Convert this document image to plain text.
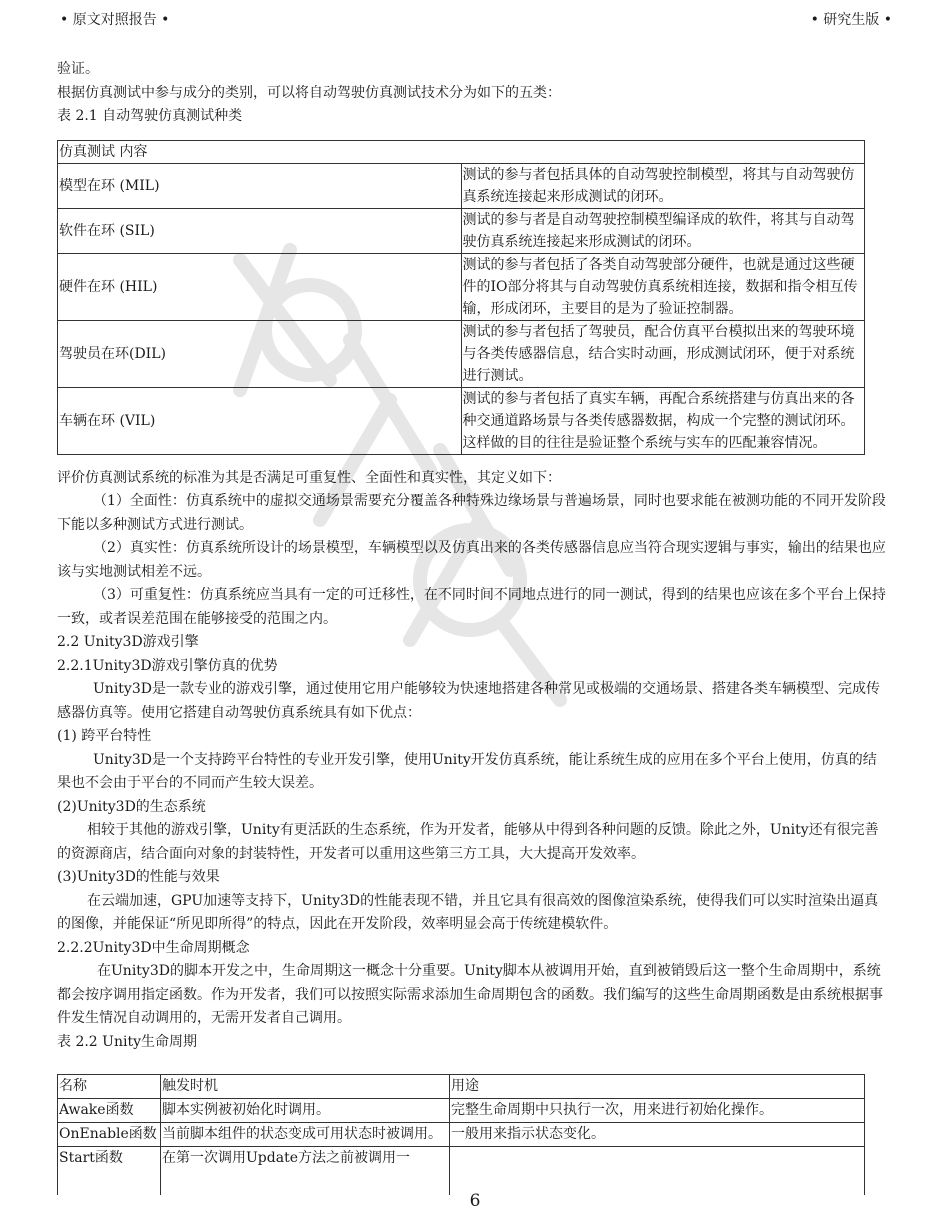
• 原文对照报告 •	• 研究生版 •

验证。

根据仿真测试中参与成分的类别，可以将自动驾驶仿真测试技术分为如下的五类：

表 2.1 自动驾驶仿真测试种类

仿真测试 内容	
模型在环 (MIL)	测试的参与者包括具体的自动驾驶控制模型，将其与自动驾驶仿真系统连接起来形成测试的闭环。
软件在环 (SIL)	测试的参与者是自动驾驶控制模型编译成的软件，将其与自动驾驶仿真系统连接起来形成测试的闭环。
硬件在环 (HIL)	测试的参与者包括了各类自动驾驶部分硬件，也就是通过这些硬件的IO部分将其与自动驾驶仿真系统相连接，数据和指令相互传输，形成闭环，主要目的是为了验证控制器。
驾驶员在环(DIL)	测试的参与者包括了驾驶员，配合仿真平台模拟出来的驾驶环境与各类传感器信息，结合实时动画，形成测试闭环，便于对系统进行测试。
车辆在环 (VIL)	测试的参与者包括了真实车辆，再配合系统搭建与仿真出来的各种交通道路场景与各类传感器数据，构成一个完整的测试闭环。这样做的目的往往是验证整个系统与实车的匹配兼容情况。

评价仿真测试系统的标准为其是否满足可重复性、全面性和真实性，其定义如下：

（1）全面性：仿真系统中的虚拟交通场景需要充分覆盖各种特殊边缘场景与普遍场景，同时也要求能在被测功能的不同开发阶段下能以多种测试方式进行测试。

（2）真实性：仿真系统所设计的场景模型，车辆模型以及仿真出来的各类传感器信息应当符合现实逻辑与事实，输出的结果也应该与实地测试相差不远。

（3）可重复性：仿真系统应当具有一定的可迁移性，在不同时间不同地点进行的同一测试，得到的结果也应该在多个平台上保持一致，或者误差范围在能够接受的范围之内。

2.2 Unity3D游戏引擎

2.2.1Unity3D游戏引擎仿真的优势

Unity3D是一款专业的游戏引擎，通过使用它用户能够较为快速地搭建各种常见或极端的交通场景、搭建各类车辆模型、完成传感器仿真等。使用它搭建自动驾驶仿真系统具有如下优点：

(1) 跨平台特性

Unity3D是一个支持跨平台特性的专业开发引擎，使用Unity开发仿真系统，能让系统生成的应用在多个平台上使用，仿真的结果也不会由于平台的不同而产生较大误差。

(2)Unity3D的生态系统

相较于其他的游戏引擎，Unity有更活跃的生态系统，作为开发者，能够从中得到各种问题的反馈。除此之外，Unity还有很完善的资源商店，结合面向对象的封装特性，开发者可以重用这些第三方工具，大大提高开发效率。

(3)Unity3D的性能与效果

在云端加速，GPU加速等支持下，Unity3D的性能表现不错，并且它具有很高效的图像渲染系统，使得我们可以实时渲染出逼真的图像，并能保证“所见即所得”的特点，因此在开发阶段，效率明显会高于传统建模软件。

2.2.2Unity3D中生命周期概念

在Unity3D的脚本开发之中，生命周期这一概念十分重要。Unity脚本从被调用开始，直到被销毁后这一整个生命周期中，系统都会按序调用指定函数。作为开发者，我们可以按照实际需求添加生命周期包含的函数。我们编写的这些生命周期函数是由系统根据事件发生情况自动调用的，无需开发者自己调用。

表 2.2 Unity生命周期

名称	触发时机	用途
Awake函数	脚本实例被初始化时调用。	完整生命周期中只执行一次，用来进行初始化操作。
OnEnable函数	当前脚本组件的状态变成可用状态时被调用。	一般用来指示状态变化。
Start函数	在第一次调用Update方法之前被调用一	
6
